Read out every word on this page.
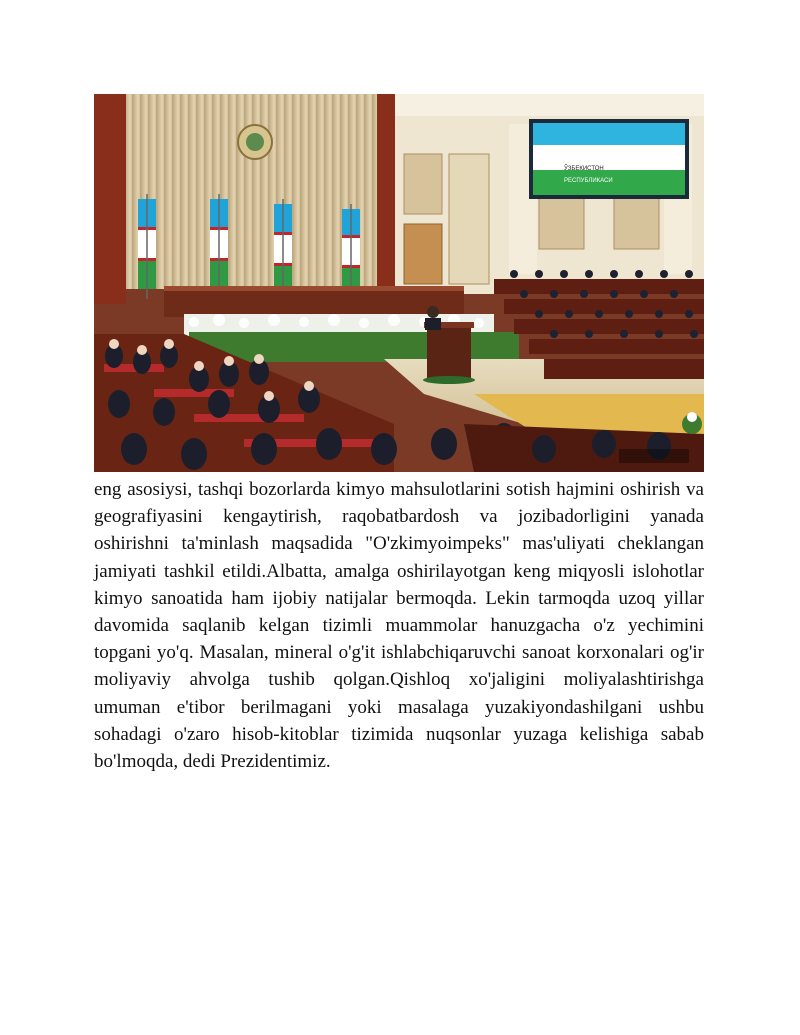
ЎЗБЕКИСТОН
РЕСПУБЛИКАСИ

eng asosiysi, tashqi bozorlarda kimyo mahsulotlarini sotish hajmini oshirish va geografiyasini kengaytirish, raqobatbardosh va jozibadorligini yanada oshirishni ta'minlash maqsadida "O'zkimyoimpeks" mas'uliyati cheklangan jamiyati tashkil etildi.Albatta, amalga oshirilayotgan keng miqyosli islohotlar kimyo sanoatida ham ijobiy natijalar bermoqda. Lekin tarmoqda uzoq yillar davomida saqlanib kelgan tizimli muammolar hanuzgacha o'z yechimini topgani yo'q. Masalan, mineral o'g'it ishlabchiqaruvchi sanoat korxonalari og'ir moliyaviy ahvolga tushib qolgan.Qishloq xo'jaligini moliyalashtirishga umuman e'tibor berilmagani yoki masalaga yuzakiyondashilgani ushbu sohadagi o'zaro hisob-kitoblar tizimida nuqsonlar yuzaga kelishiga sabab bo'lmoqda, dedi Prezidentimiz.
